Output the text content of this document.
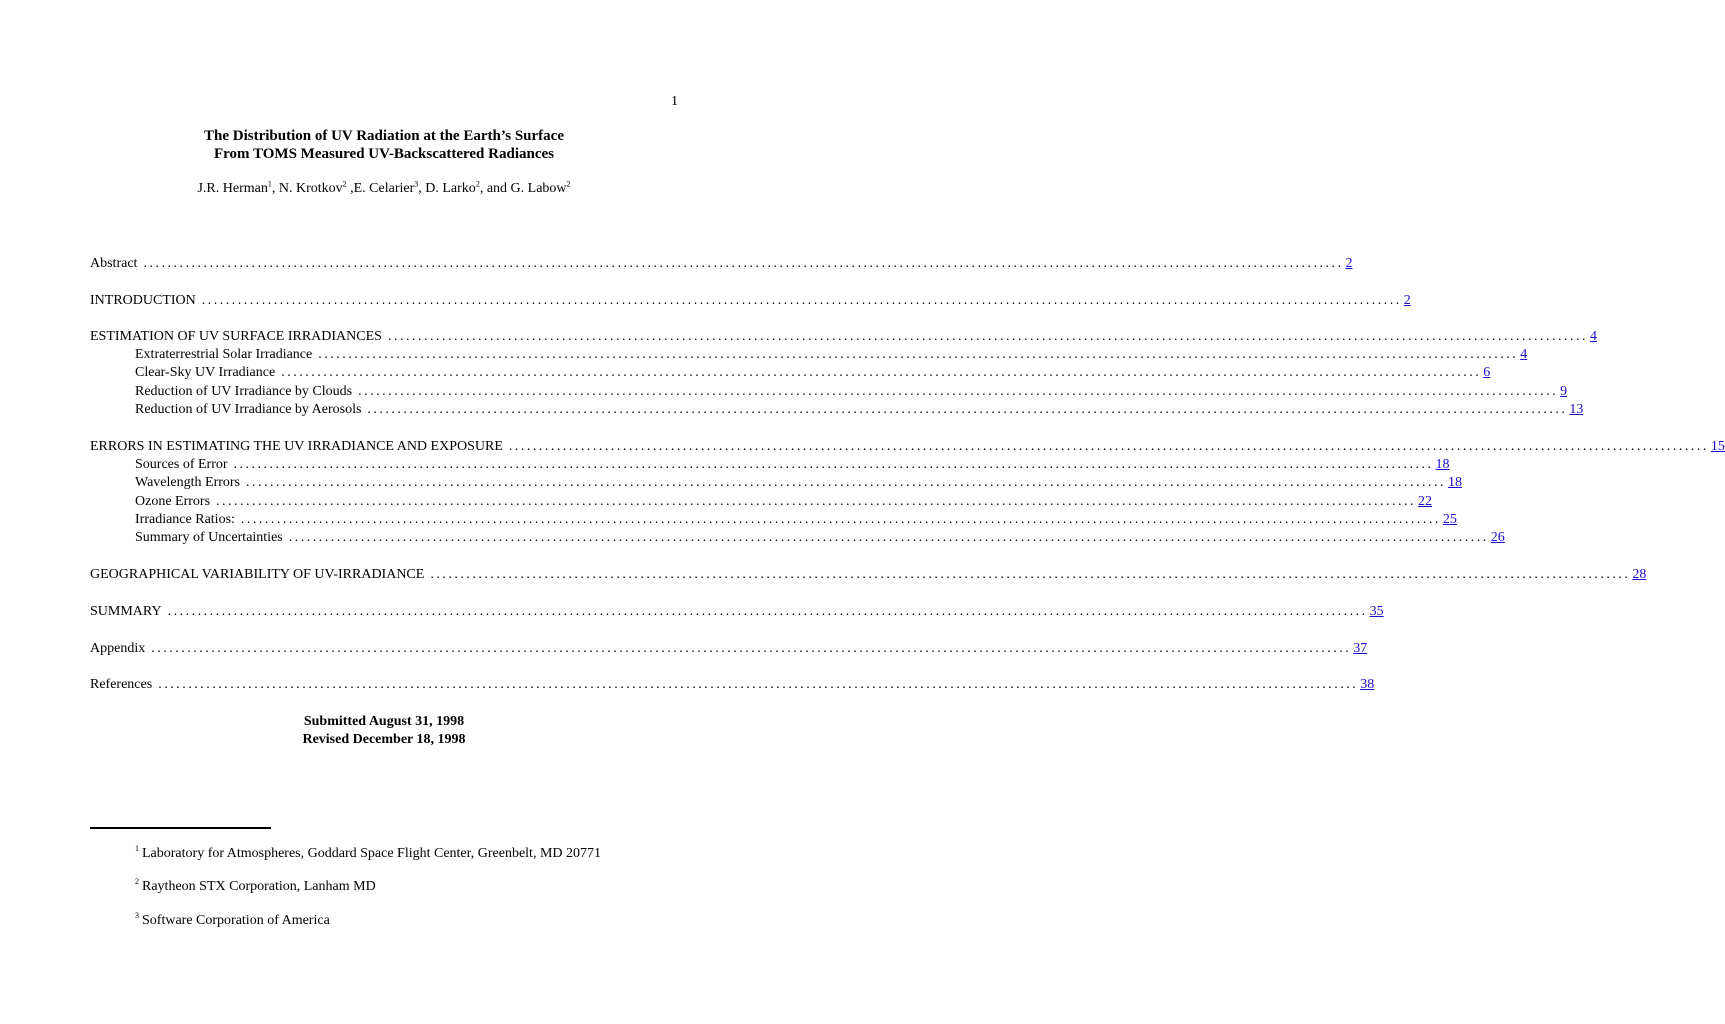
1
The Distribution of UV Radiation at the Earth’s Surface
From TOMS Measured UV-Backscattered Radiances
J.R. Herman$^1$, N. Krotkov$^2$ ,E. Celarier$^3$, D. Larko$^2$, and G. Labow$^2$
Abstract ........................................................................................................................................................................................................ 2
INTRODUCTION ........................................................................................................................................................................................................ 2
ESTIMATION OF UV SURFACE IRRADIANCES ........................................................................................................................................................................................................ 4
Extraterrestrial Solar Irradiance ........................................................................................................................................................................................................ 4
Clear-Sky UV Irradiance ........................................................................................................................................................................................................ 6
Reduction of UV Irradiance by Clouds ........................................................................................................................................................................................................ 9
Reduction of UV Irradiance by Aerosols ........................................................................................................................................................................................................ 13
ERRORS IN ESTIMATING THE UV IRRADIANCE AND EXPOSURE ........................................................................................................................................................................................................ 15
Sources of Error ........................................................................................................................................................................................................ 18
Wavelength Errors ........................................................................................................................................................................................................ 18
Ozone Errors ........................................................................................................................................................................................................ 22
Irradiance Ratios: ........................................................................................................................................................................................................ 25
Summary of Uncertainties ........................................................................................................................................................................................................ 26
GEOGRAPHICAL VARIABILITY OF UV-IRRADIANCE ........................................................................................................................................................................................................ 28
SUMMARY ........................................................................................................................................................................................................ 35
Appendix ........................................................................................................................................................................................................ 37
References ........................................................................................................................................................................................................ 38
Submitted August 31, 1998
Revised December 18, 1998
$^1$ Laboratory for Atmospheres, Goddard Space Flight Center, Greenbelt, MD 20771
$^2$ Raytheon STX Corporation, Lanham MD
$^3$ Software Corporation of America
